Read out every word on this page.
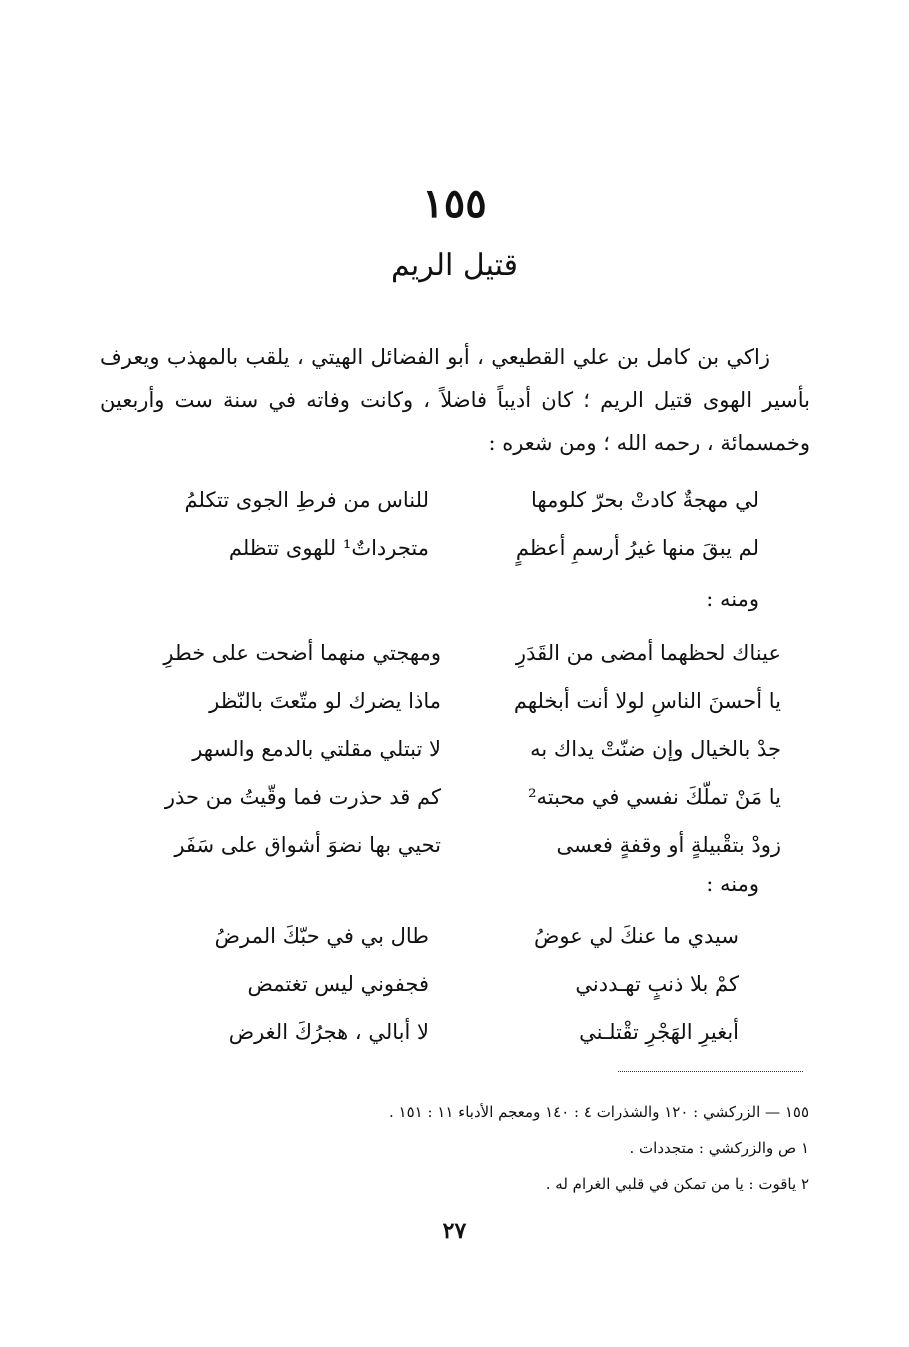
١٥٥
قتيل الريم
زاكي بن كامل بن علي القطيعي ، أبو الفضائل الهيتي ، يلقب بالمهذب ويعرف بأسير الهوى قتيل الريم ؛ كان أديباً فاضلاً ، وكانت وفاته في سنة ست وأربعين وخمسمائة ، رحمه الله ؛ ومن شعره :
لي مهجةٌ كادتْ بحرّ كلومها
للناس من فرطِ الجوى تتكلمُ
لم يبقَ منها غيرُ أرسمِ أعظمٍ
متجرداتٌ¹ للهوى تتظلم
ومنه :
عيناك لحظهما أمضى من القَدَرِ
ومهجتي منهما أضحت على خطرِ
يا أحسنَ الناسِ لولا أنت أبخلهم
ماذا يضرك لو متّعتَ بالنّظر
جدْ بالخيال وإن ضنّتْ يداك به
لا تبتلي مقلتي بالدمع والسهر
يا مَنْ تملّكَ نفسي في محبته²
كم قد حذرت فما وقّيتُ من حذر
زودْ بتقْبيلةٍ أو وقفةٍ فعسى
تحيي بها نضوَ أشواق على سَفَر
ومنه :
سيدي ما عنكَ لي عوضُ
طال بي في حبّكَ المرضُ
كمْ بلا ذنبٍ تهـددني
فجفوني ليس تغتمض
أبغيرِ الهَجْرِ تقْتلـني
لا أبالي ، هجرُكَ الغرض
١٥٥ — الزركشي : ١٢٠ والشذرات ٤ : ١٤٠ ومعجم الأدباء ١١ : ١٥١ .
١ ص والزركشي : متجددات .
٢ ياقوت : يا من تمكن في قلبي الغرام له .
٢٧
